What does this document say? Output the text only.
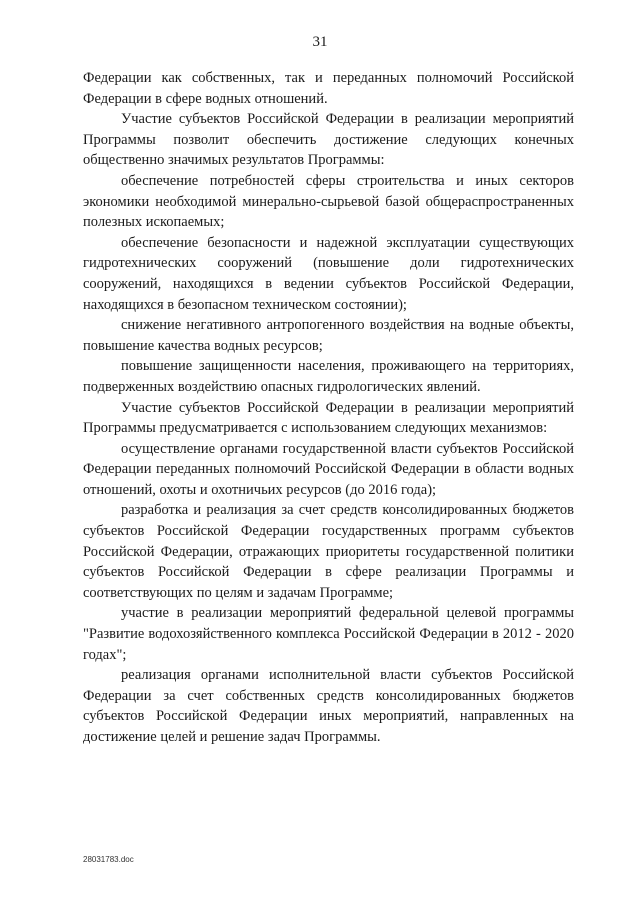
31

Федерации как собственных, так и переданных полномочий Российской Федерации в сфере водных отношений.

Участие субъектов Российской Федерации в реализации мероприятий Программы позволит обеспечить достижение следующих конечных общественно значимых результатов Программы:

обеспечение потребностей сферы строительства и иных секторов экономики необходимой минерально-сырьевой базой общераспространенных полезных ископаемых;

обеспечение безопасности и надежной эксплуатации существующих гидротехнических сооружений (повышение доли гидротехнических сооружений, находящихся в ведении субъектов Российской Федерации, находящихся в безопасном техническом состоянии);

снижение негативного антропогенного воздействия на водные объекты, повышение качества водных ресурсов;

повышение защищенности населения, проживающего на территориях, подверженных воздействию опасных гидрологических явлений.

Участие субъектов Российской Федерации в реализации мероприятий Программы предусматривается с использованием следующих механизмов:

осуществление органами государственной власти субъектов Российской Федерации переданных полномочий Российской Федерации в области водных отношений, охоты и охотничьих ресурсов (до 2016 года);

разработка и реализация за счет средств консолидированных бюджетов субъектов Российской Федерации государственных программ субъектов Российской Федерации, отражающих приоритеты государственной политики субъектов Российской Федерации в сфере реализации Программы и соответствующих по целям и задачам Программе;

участие в реализации мероприятий федеральной целевой программы "Развитие водохозяйственного комплекса Российской Федерации в 2012 - 2020 годах";

реализация органами исполнительной власти субъектов Российской Федерации за счет собственных средств консолидированных бюджетов субъектов Российской Федерации иных мероприятий, направленных на достижение целей и решение задач Программы.

28031783.doc
